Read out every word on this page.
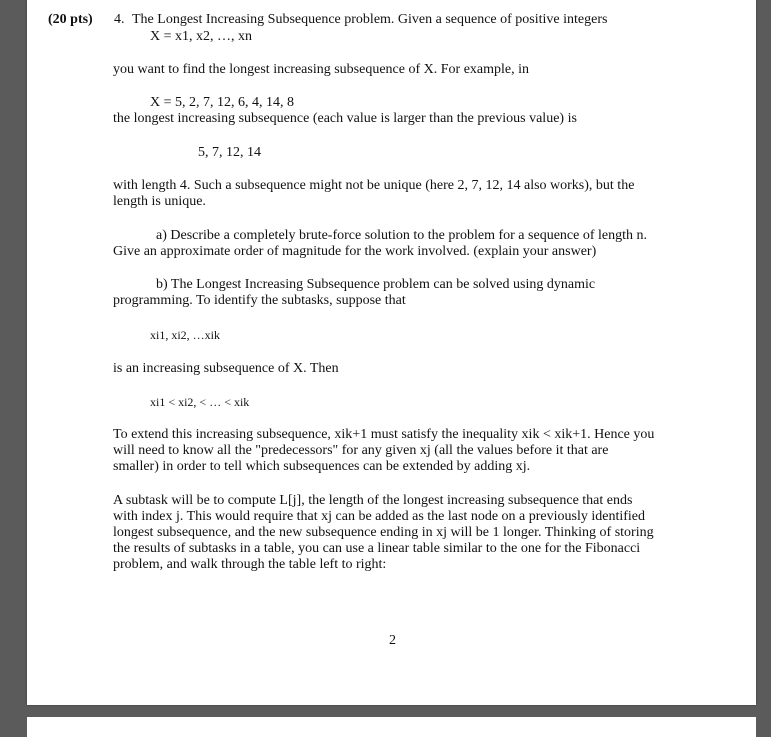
(20 pts) 4. The Longest Increasing Subsequence problem. Given a sequence of positive integers
X = x1, x2, …, xn
you want to find the longest increasing subsequence of X. For example, in
X = 5, 2, 7, 12, 6, 4, 14, 8
the longest increasing subsequence (each value is larger than the previous value) is
5, 7, 12, 14
with length 4. Such a subsequence might not be unique (here 2, 7, 12, 14 also works), but the
length is unique.
a) Describe a completely brute-force solution to the problem for a sequence of length n.
Give an approximate order of magnitude for the work involved. (explain your answer)
b) The Longest Increasing Subsequence problem can be solved using dynamic
programming. To identify the subtasks, suppose that
xi1, xi2, …xik
is an increasing subsequence of X. Then
xi1 < xi2, < … < xik
To extend this increasing subsequence, xik+1 must satisfy the inequality xik < xik+1. Hence you
will need to know all the "predecessors" for any given xj (all the values before it that are
smaller) in order to tell which subsequences can be extended by adding xj.
A subtask will be to compute L[j], the length of the longest increasing subsequence that ends
with index j. This would require that xj can be added as the last node on a previously identified
longest subsequence, and the new subsequence ending in xj will be 1 longer. Thinking of storing
the results of subtasks in a table, you can use a linear table similar to the one for the Fibonacci
problem, and walk through the table left to right:
2
